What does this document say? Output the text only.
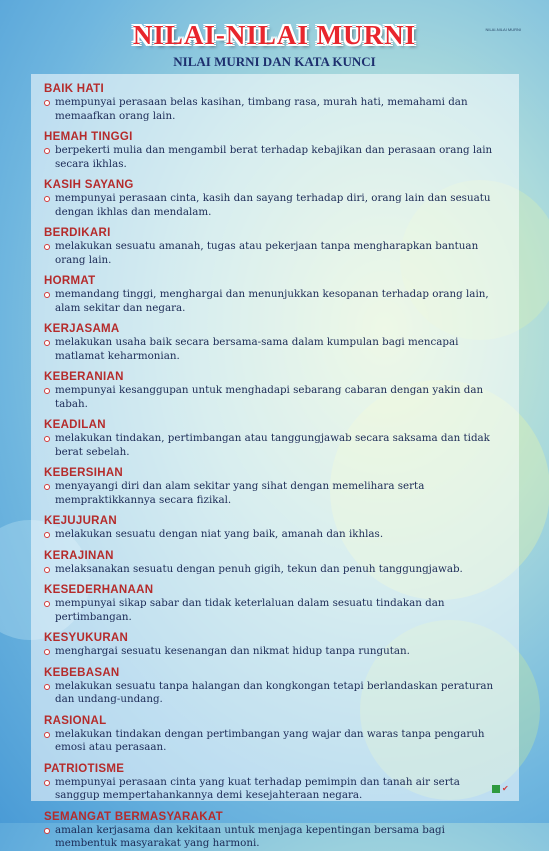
NILAI-NILAI MURNI	NILAI-NILAI MURNI
NILAI MURNI DAN KATA KUNCI
BAIK HATI
mempunyai perasaan belas kasihan, timbang rasa, murah hati, memahami dan memaafkan orang lain.
HEMAH TINGGI
berpekerti mulia dan mengambil berat terhadap kebajikan dan perasaan orang lain secara ikhlas.
KASIH SAYANG
mempunyai perasaan cinta, kasih dan sayang terhadap diri, orang lain dan sesuatu dengan ikhlas dan mendalam.
BERDIKARI
melakukan sesuatu amanah, tugas atau pekerjaan tanpa mengharapkan bantuan orang lain.
HORMAT
memandang tinggi, menghargai dan menunjukkan kesopanan terhadap orang lain, alam sekitar dan negara.
KERJASAMA
melakukan usaha baik secara bersama-sama dalam kumpulan bagi mencapai matlamat keharmonian.
KEBERANIAN
mempunyai kesanggupan untuk menghadapi sebarang cabaran dengan yakin dan tabah.
KEADILAN
melakukan tindakan, pertimbangan atau tanggungjawab secara saksama dan tidak berat sebelah.
KEBERSIHAN
menyayangi diri dan alam sekitar yang sihat dengan memelihara serta mempraktikkannya secara fizikal.
KEJUJURAN
melakukan sesuatu dengan niat yang baik, amanah dan ikhlas.
KERAJINAN
melaksanakan sesuatu dengan penuh gigih, tekun dan penuh tanggungjawab.
KESEDERHANAAN
mempunyai sikap sabar dan tidak keterlaluan dalam sesuatu tindakan dan pertimbangan.
KESYUKURAN
menghargai sesuatu kesenangan dan nikmat hidup tanpa rungutan.
KEBEBASAN
melakukan sesuatu tanpa halangan dan kongkongan tetapi berlandaskan peraturan dan undang-undang.
RASIONAL
melakukan tindakan dengan pertimbangan yang wajar dan waras tanpa pengaruh emosi atau perasaan.
PATRIOTISME
mempunyai perasaan cinta yang kuat terhadap pemimpin dan tanah air serta sanggup mempertahankannya demi kesejahteraan negara.
SEMANGAT BERMASYARAKAT
amalan kerjasama dan kekitaan untuk menjaga kepentingan bersama bagi membentuk masyarakat yang harmoni.
✔
